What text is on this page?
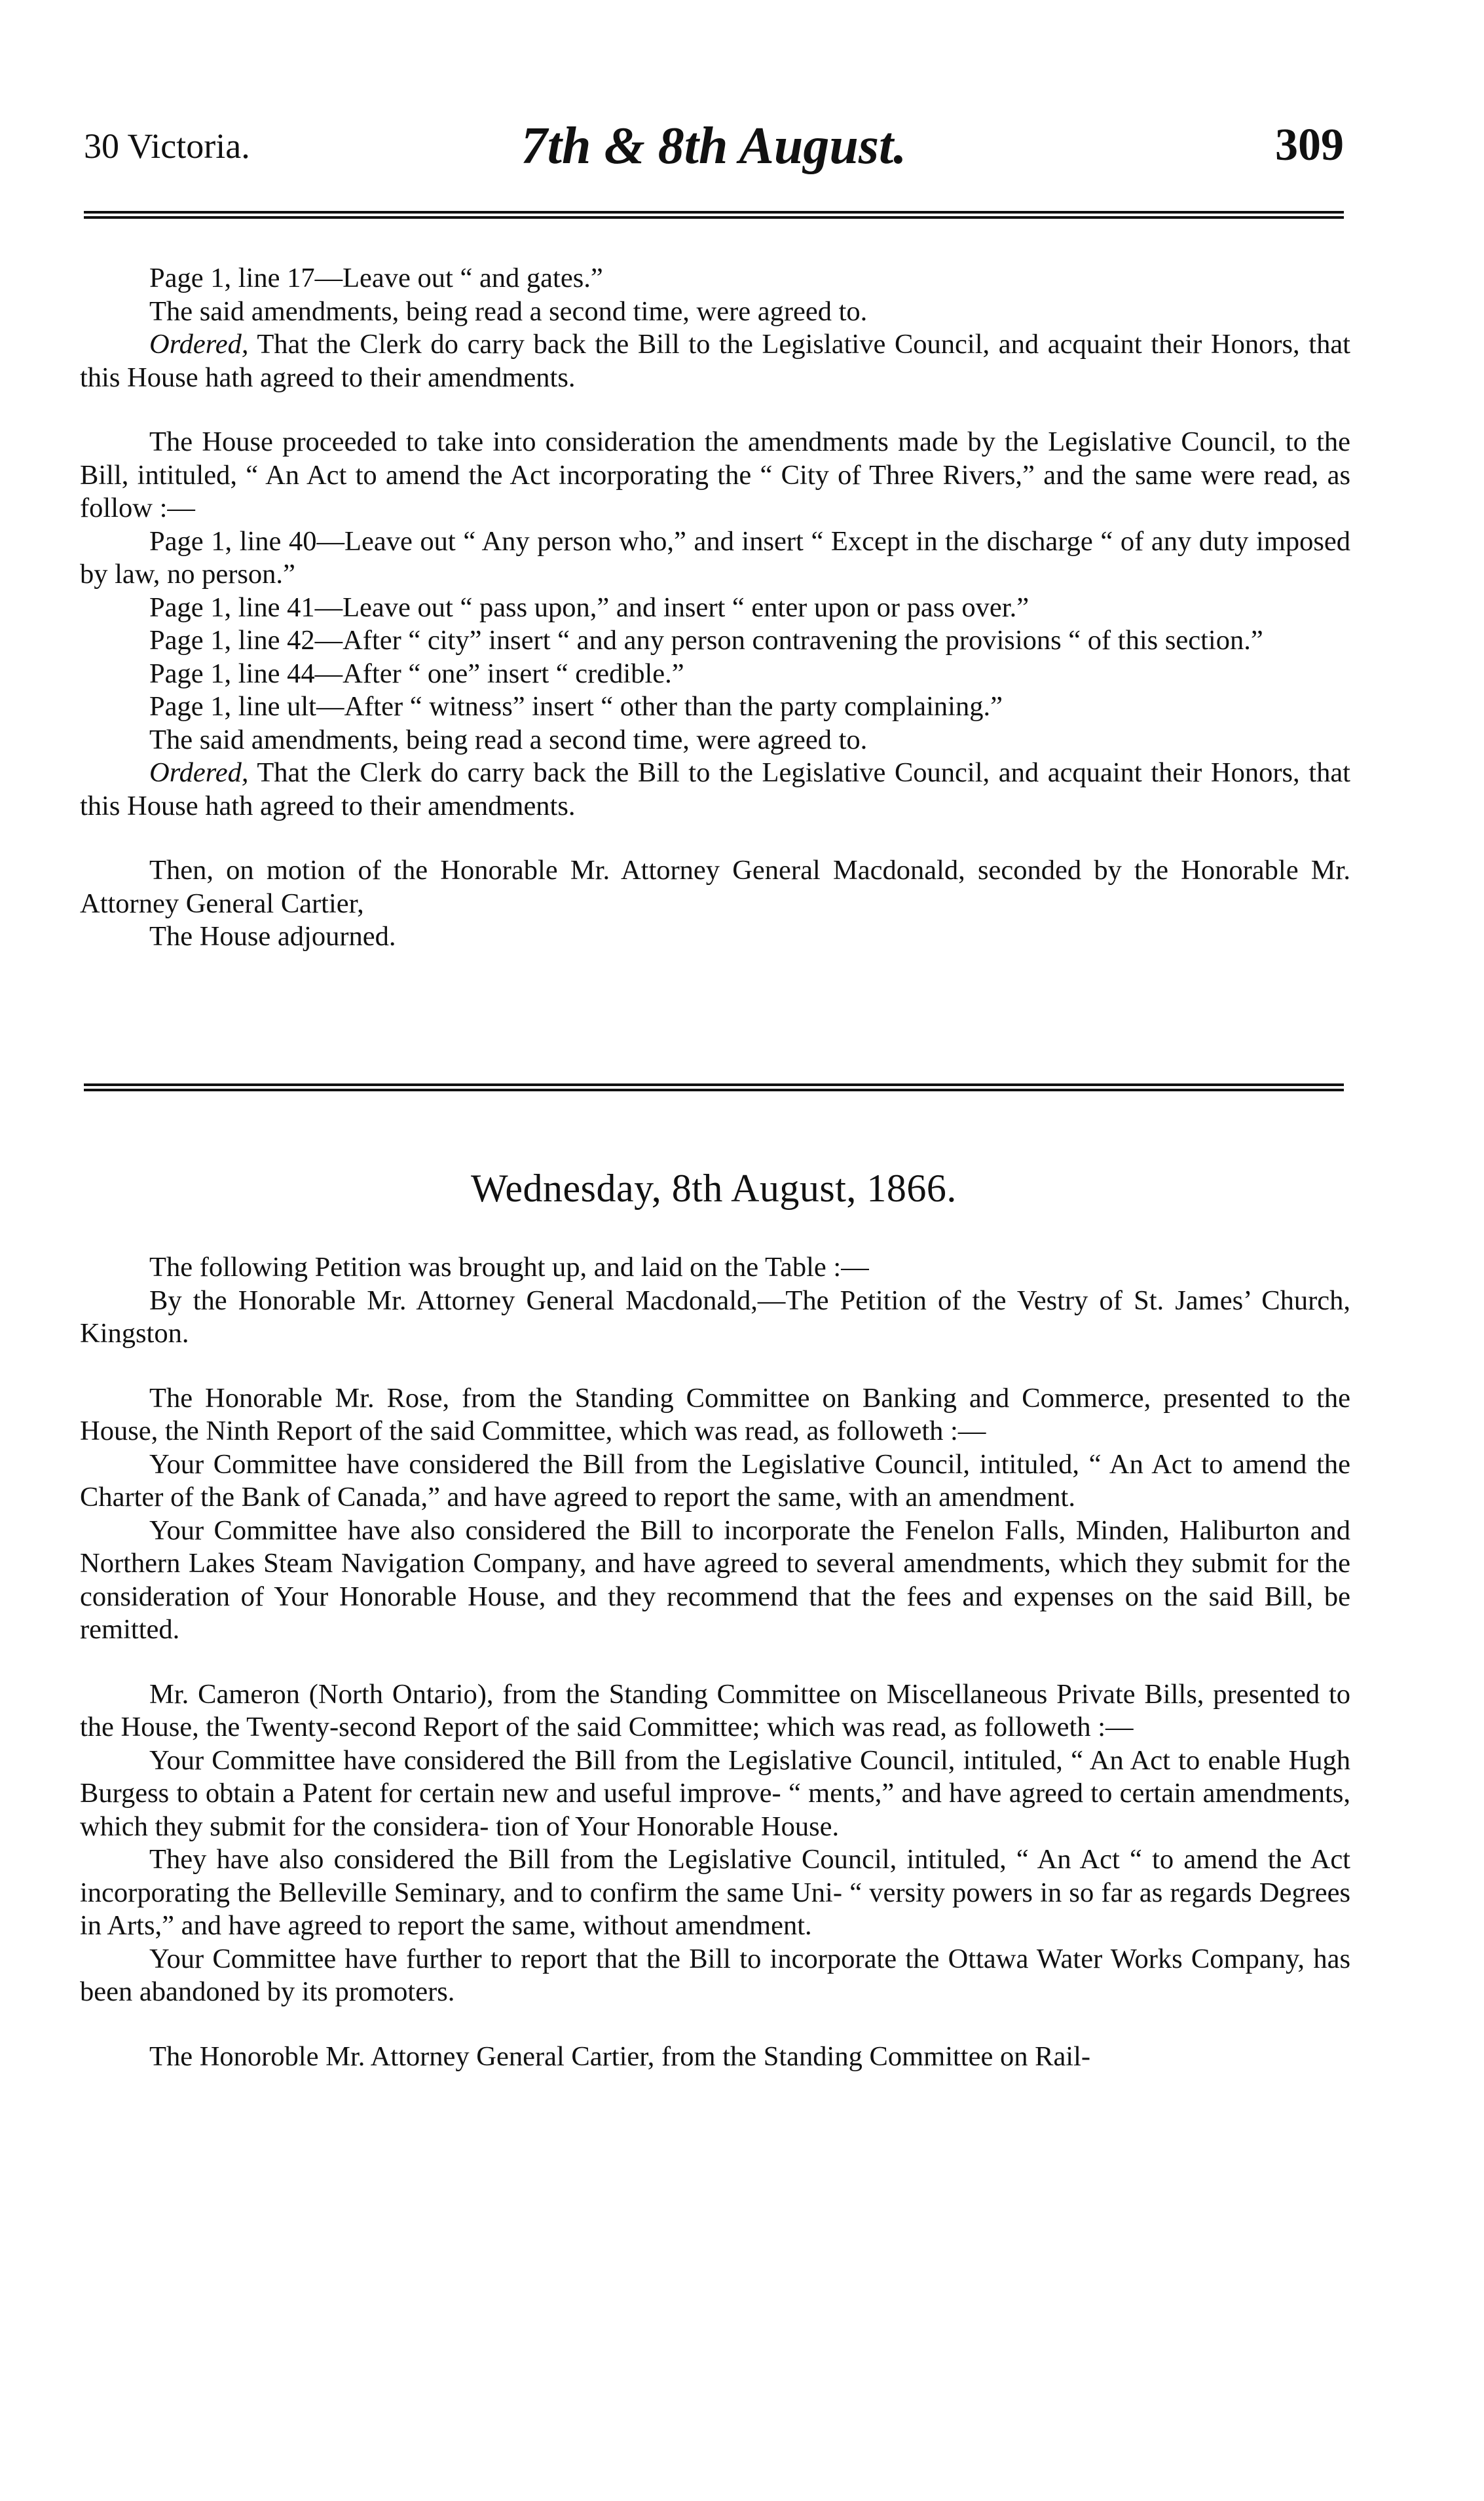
30 Victoria.	7th & 8th August.	309
Page 1, line 17—Leave out “ and gates.”
The said amendments, being read a second time, were agreed to.
Ordered, That the Clerk do carry back the Bill to the Legislative Council, and acquaint their Honors, that this House hath agreed to their amendments.
The House proceeded to take into consideration the amendments made by the Legislative Council, to the Bill, intituled, “ An Act to amend the Act incorporating the “ City of Three Rivers,” and the same were read, as follow :—
Page 1, line 40—Leave out “ Any person who,” and insert “ Except in the discharge “ of any duty imposed by law, no person.”
Page 1, line 41—Leave out “ pass upon,” and insert “ enter upon or pass over.”
Page 1, line 42—After “ city” insert “ and any person contravening the provisions “ of this section.”
Page 1, line 44—After “ one” insert “ credible.”
Page 1, line ult—After “ witness” insert “ other than the party complaining.”
The said amendments, being read a second time, were agreed to.
Ordered, That the Clerk do carry back the Bill to the Legislative Council, and acquaint their Honors, that this House hath agreed to their amendments.
Then, on motion of the Honorable Mr. Attorney General Macdonald, seconded by the Honorable Mr. Attorney General Cartier,
The House adjourned.
Wednesday, 8th August, 1866.
The following Petition was brought up, and laid on the Table :—
By the Honorable Mr. Attorney General Macdonald,—The Petition of the Vestry of St. James’ Church, Kingston.
The Honorable Mr. Rose, from the Standing Committee on Banking and Commerce, presented to the House, the Ninth Report of the said Committee, which was read, as followeth :—
Your Committee have considered the Bill from the Legislative Council, intituled, “ An Act to amend the Charter of the Bank of Canada,” and have agreed to report the same, with an amendment.
Your Committee have also considered the Bill to incorporate the Fenelon Falls, Minden, Haliburton and Northern Lakes Steam Navigation Company, and have agreed to several amendments, which they submit for the consideration of Your Honorable House, and they recommend that the fees and expenses on the said Bill, be remitted.
Mr. Cameron (North Ontario), from the Standing Committee on Miscellaneous Private Bills, presented to the House, the Twenty-second Report of the said Committee; which was read, as followeth :—
Your Committee have considered the Bill from the Legislative Council, intituled, “ An Act to enable Hugh Burgess to obtain a Patent for certain new and useful improve- “ ments,” and have agreed to certain amendments, which they submit for the considera- tion of Your Honorable House.
They have also considered the Bill from the Legislative Council, intituled, “ An Act “ to amend the Act incorporating the Belleville Seminary, and to confirm the same Uni- “ versity powers in so far as regards Degrees in Arts,” and have agreed to report the same, without amendment.
Your Committee have further to report that the Bill to incorporate the Ottawa Water Works Company, has been abandoned by its promoters.
The Honoroble Mr. Attorney General Cartier, from the Standing Committee on Rail-
